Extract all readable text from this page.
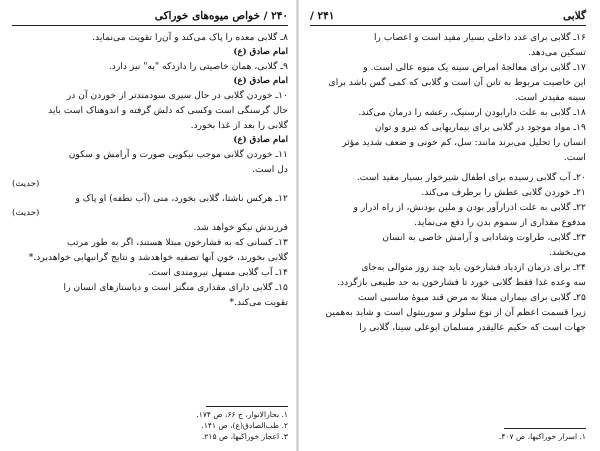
۲۴۰ / خواص میوه‌های خوراکی

۸ـ گلابی معده را پاک می‌کند و آن‌را تقویت می‌نماید.

امام صادق (ع)

۹ـ گلابی، همان خاصیتی را داردکه "به" نیز دارد.

امام صادق (ع)

۱۰ـ خوردن گلابی در حال سیری سودمندتر از خوردن آن در

حال گرسنگی است وکسی که دلش گرفته و اندوهناک است باید

گلابی را بعد از غذا بخورد.

امام صادق (ع)

۱۱ـ خوردن گلابی موجب نیکویی صورت و آرامش و سکون

دل است.

(حدیث)

۱۲ـ هرکس ناشتا، گلابی بخورد، منی (آب نطفه) او پاک و

(حدیث)

فرزندش نیکو خواهد شد.

۱۳ـ کسانی که به فشارخون مبتلا هستند، اگر به طور مرتب

گلابی بخورند، خون آنها تصفیه خواهدشد و نتایج گرانبهایی خواهدبرد.*

۱۴ـ آب گلابی مسهل نیرومندی است.

۱۵ـ گلابی دارای مقداری منگنز است و دیاستازهای انسان را

تقویت می‌کند.*

۱. بحارالانوار، ج ۶۶، ص ۱۷۴.

۲. طب‌الصادق(ع)، ص ۱۴۱.

۳. اعجاز خوراکیها، ص ۲۱۵.

گلابی
۲۴۱ /

۱۶ـ گلابی برای غدد داخلی بسیار مفید است و اعصاب را

تسکین می‌دهد.

۱۷ـ گلابی برای معالجهٔ امراض سینه یک میوه عالی است. و

این خاصیت مربوط به تانن آن است و گلابی که کمی گس باشد برای

سینه مفیدتر است.

۱۸ـ گلابی به علت دارابودن ارسنیک، رعشه را درمان می‌کند.

۱۹ـ مواد موجود در گلابی برای بیماریهایی که تیرو و توان

انسان را تحلیل می‌برند مانند: سل، کم خونی و ضعف شدید مؤثر

است.

۲۰ـ آب گلابی رسیده برای اطفال شیرخوار بسیار مفید است.

۲۱ـ خوردن گلابی عطش را برطرف می‌کند.

۲۲ـ گلابی به علت ادرارآور بودن و ملین بودنش، از راه ادرار و

مدفوع مقداری از سموم بدن را دفع می‌نماید.

۲۳ـ گلابی، طراوت وشادابی و آرامش خاصی به انسان

می‌بخشد.

۲۴ـ برای درمان ازدیاد فشارخون باید چند روز متوالی به‌جای

سه وعده غذا فقط گلابی خورد تا فشارخون به حد طبیعی بازگردد.

۲۵ـ گلابی برای بیماران مبتلا به مرض قند میوهٔ مناسبی است

زیرا قسمت اعظم آن از نوع سلولز و سوربیتول است و شاید به‌همین

جهات است که حکیم عالیقدر مسلمان ابوعلی سینا، گلابی را

۱. اسرار خوراکیها، ص ۴۰۷.
